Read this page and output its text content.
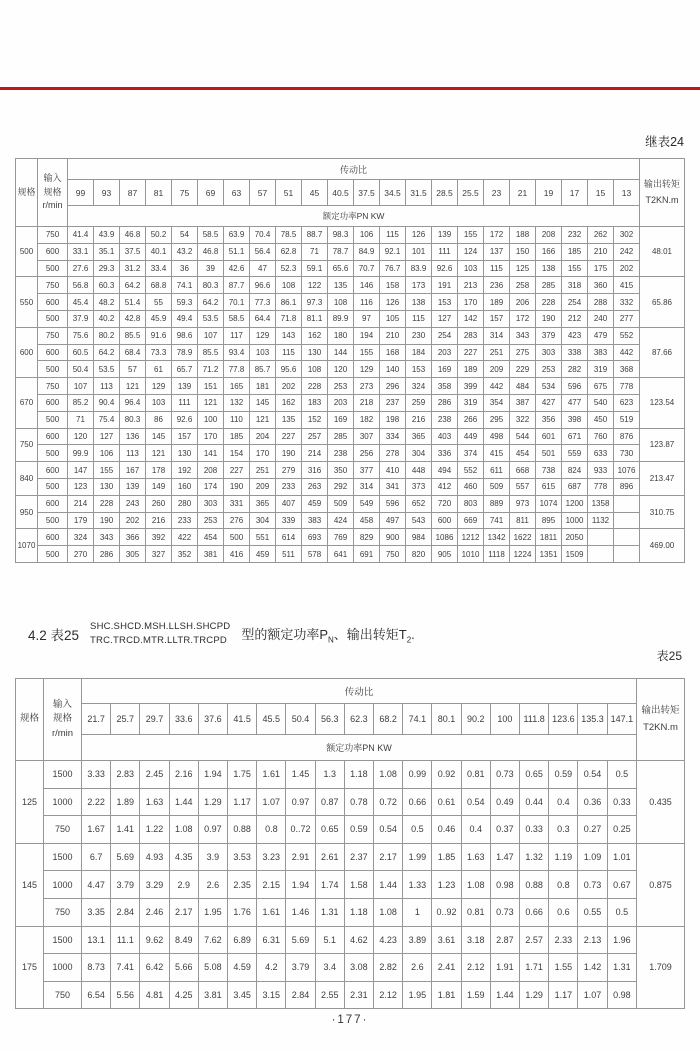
继表24
规格	输入
规格
r/min	传动比																						输出转矩
T2KN.m
		99	93	87	81	75	69	63	57	51	45	40.5	37.5	34.5	31.5	28.5	25.5	23	21	19	17	15	13	
		额定功率PN KW																						
500	750	41.4	43.9	46.8	50.2	54	58.5	63.9	70.4	78.5	88.7	98.3	106	115	126	139	155	172	188	208	232	262	302	48.01
	600	33.1	35.1	37.5	40.1	43.2	46.8	51.1	56.4	62.8	71	78.7	84.9	92.1	101	111	124	137	150	166	185	210	242	
	500	27.6	29.3	31.2	33.4	36	39	42.6	47	52.3	59.1	65.6	70.7	76.7	83.9	92.6	103	115	125	138	155	175	202	
550	750	56.8	60.3	64.2	68.8	74.1	80.3	87.7	96.6	108	122	135	146	158	173	191	213	236	258	285	318	360	415	65.86
	600	45.4	48.2	51.4	55	59.3	64.2	70.1	77.3	86.1	97.3	108	116	126	138	153	170	189	206	228	254	288	332	
	500	37.9	40.2	42.8	45.9	49.4	53.5	58.5	64.4	71.8	81.1	89.9	97	105	115	127	142	157	172	190	212	240	277	
600	750	75.6	80.2	85.5	91.6	98.6	107	117	129	143	162	180	194	210	230	254	283	314	343	379	423	479	552	87.66
	600	60.5	64.2	68.4	73.3	78.9	85.5	93.4	103	115	130	144	155	168	184	203	227	251	275	303	338	383	442	
	500	50.4	53.5	57	61	65.7	71.2	77.8	85.7	95.6	108	120	129	140	153	169	189	209	229	253	282	319	368	
670	750	107	113	121	129	139	151	165	181	202	228	253	273	296	324	358	399	442	484	534	596	675	778	123.54
	600	85.2	90.4	96.4	103	111	121	132	145	162	183	203	218	237	259	286	319	354	387	427	477	540	623	
	500	71	75.4	80.3	86	92.6	100	110	121	135	152	169	182	198	216	238	266	295	322	356	398	450	519	
750	600	120	127	136	145	157	170	185	204	227	257	285	307	334	365	403	449	498	544	601	671	760	876	123.87
	500	99.9	106	113	121	130	141	154	170	190	214	238	256	278	304	336	374	415	454	501	559	633	730	
840	600	147	155	167	178	192	208	227	251	279	316	350	377	410	448	494	552	611	668	738	824	933	1076	213.47
	500	123	130	139	149	160	174	190	209	233	263	292	314	341	373	412	460	509	557	615	687	778	896	
950	600	214	228	243	260	280	303	331	365	407	459	509	549	596	652	720	803	889	973	1074	1200	1358		310.75
	500	179	190	202	216	233	253	276	304	339	383	424	458	497	543	600	669	741	811	895	1000	1132		
1070	600	324	343	366	392	422	454	500	551	614	693	769	829	900	984	1086	1212	1342	1622	1811	2050			469.00
	500	270	286	305	327	352	381	416	459	511	578	641	691	750	820	905	1010	1118	1224	1351	1509			
4.2 表25
SHC.SHCD.MSH.LLSH.SHCPD
TRC.TRCD.MTR.LLTR.TRCPD 型的额定功率$P_N$、输出转矩$T_2$.
表25
规格	输入
规格
r/min	传动比																			输出转矩
T2KN.m
		21.7	25.7	29.7	33.6	37.6	41.5	45.5	50.4	56.3	62.3	68.2	74.1	80.1	90.2	100	111.8	123.6	135.3	147.1	
		额定功率PN KW																			
125	1500	3.33	2.83	2.45	2.16	1.94	1.75	1.61	1.45	1.3	1.18	1.08	0.99	0.92	0.81	0.73	0.65	0.59	0.54	0.5	0.435
	1000	2.22	1.89	1.63	1.44	1.29	1.17	1.07	0.97	0.87	0.78	0.72	0.66	0.61	0.54	0.49	0.44	0.4	0.36	0.33	
	750	1.67	1.41	1.22	1.08	0.97	0.88	0.8	0..72	0.65	0.59	0.54	0.5	0.46	0.4	0.37	0.33	0.3	0.27	0.25	
145	1500	6.7	5.69	4.93	4.35	3.9	3.53	3.23	2.91	2.61	2.37	2.17	1.99	1.85	1.63	1.47	1.32	1.19	1.09	1.01	0.875
	1000	4.47	3.79	3.29	2.9	2.6	2.35	2.15	1.94	1.74	1.58	1.44	1.33	1.23	1.08	0.98	0.88	0.8	0.73	0.67	
	750	3.35	2.84	2.46	2.17	1.95	1.76	1.61	1.46	1.31	1.18	1.08	1	0..92	0.81	0.73	0.66	0.6	0.55	0.5	
175	1500	13.1	11.1	9.62	8.49	7.62	6.89	6.31	5.69	5.1	4.62	4.23	3.89	3.61	3.18	2.87	2.57	2.33	2.13	1.96	1.709
	1000	8.73	7.41	6.42	5.66	5.08	4.59	4.2	3.79	3.4	3.08	2.82	2.6	2.41	2.12	1.91	1.71	1.55	1.42	1.31	
	750	6.54	5.56	4.81	4.25	3.81	3.45	3.15	2.84	2.55	2.31	2.12	1.95	1.81	1.59	1.44	1.29	1.17	1.07	0.98	
·177·
